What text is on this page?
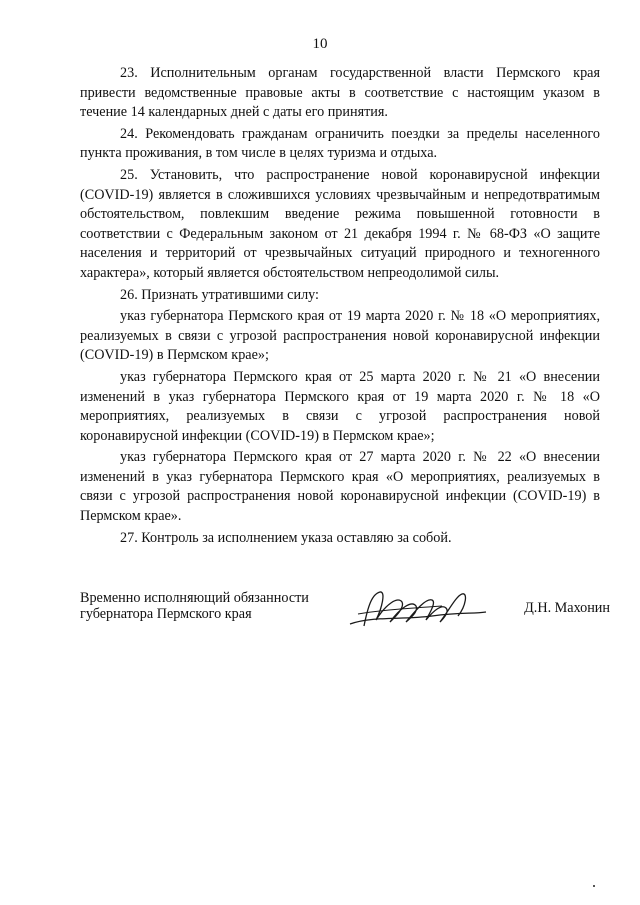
10

23. Исполнительным органам государственной власти Пермского края привести ведомственные правовые акты в соответствие с настоящим указом в течение 14 календарных дней с даты его принятия.

24. Рекомендовать гражданам ограничить поездки за пределы населенного пункта проживания, в том числе в целях туризма и отдыха.

25. Установить, что распространение новой коронавирусной инфекции (COVID-19) является в сложившихся условиях чрезвычайным и непредотвратимым обстоятельством, повлекшим введение режима повышенной готовности в соответствии с Федеральным законом от 21 декабря 1994 г. № 68-ФЗ «О защите населения и территорий от чрезвычайных ситуаций природного и техногенного характера», который является обстоятельством непреодолимой силы.

26. Признать утратившими силу:

указ губернатора Пермского края от 19 марта 2020 г. № 18 «О мероприятиях, реализуемых в связи с угрозой распространения новой коронавирусной инфекции (COVID-19) в Пермском крае»;

указ губернатора Пермского края от 25 марта 2020 г. № 21 «О внесении изменений в указ губернатора Пермского края от 19 марта 2020 г. № 18 «О мероприятиях, реализуемых в связи с угрозой распространения новой коронавирусной инфекции (COVID-19) в Пермском крае»;

указ губернатора Пермского края от 27 марта 2020 г. № 22 «О внесении изменений в указ губернатора Пермского края «О мероприятиях, реализуемых в связи с угрозой распространения новой коронавирусной инфекции (COVID-19) в Пермском крае».

27. Контроль за исполнением указа оставляю за собой.

Временно исполняющий обязанности
губернатора Пермского края	Д.Н. Махонин
